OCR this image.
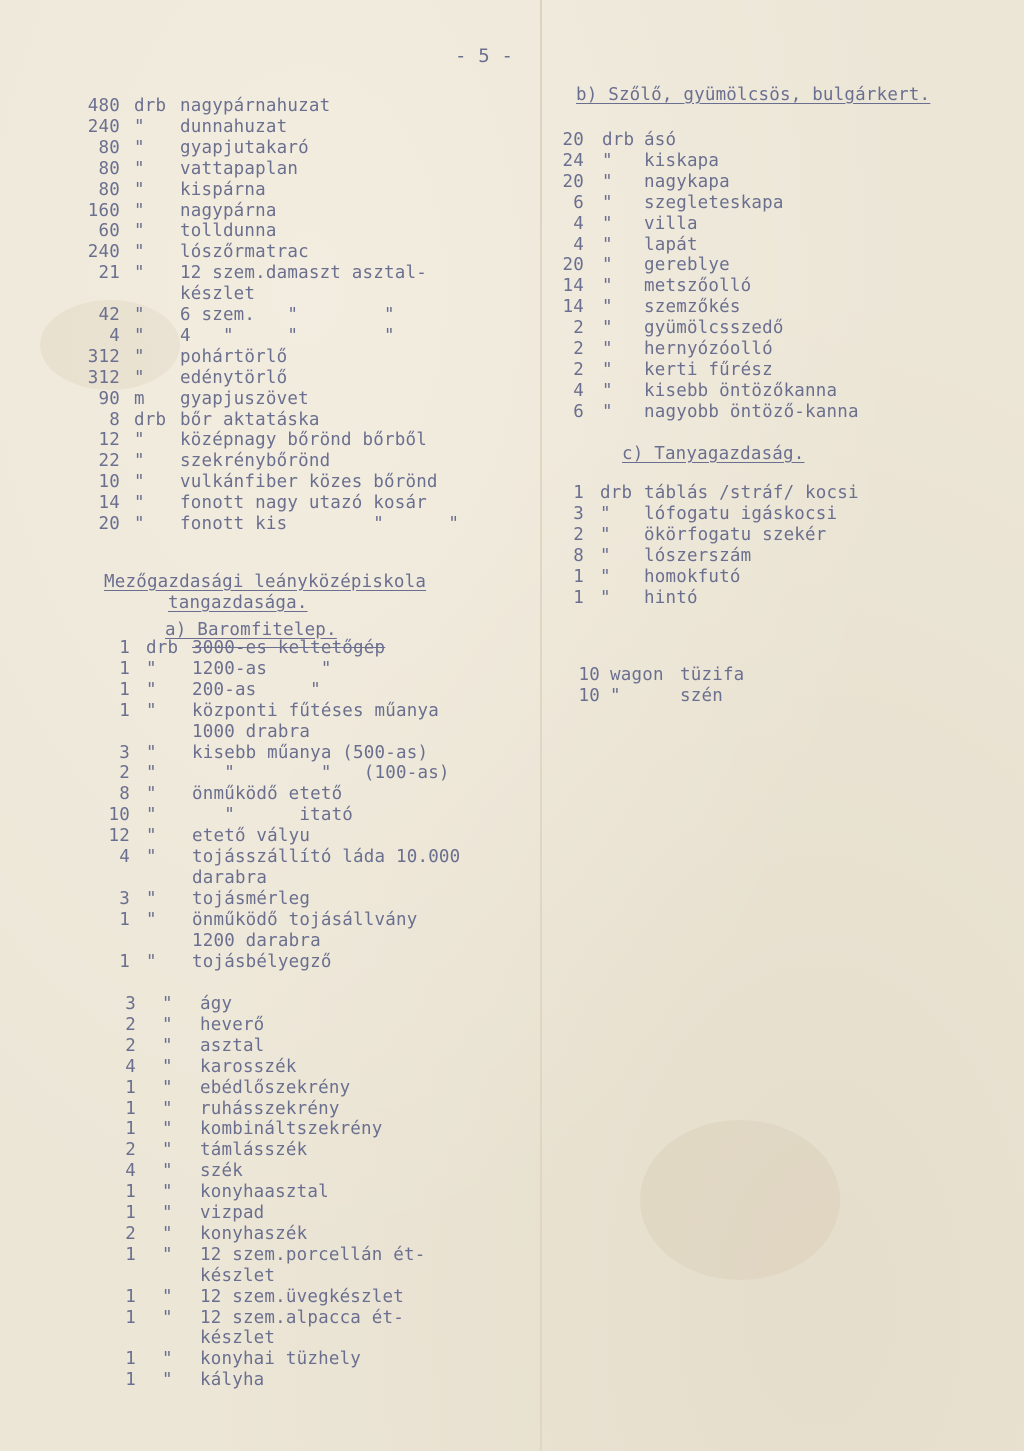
- 5 -
480 drb nagypárnahuzat
240 " dunnahuzat
80 " gyapjutakaró
80 " vattapaplan
80 " kispárna
160 " nagypárna
60 " tolldunna
240 " lószőrmatrac
21 " 12 szem.damaszt asztal-
készlet
42 " 6 szem.   "        "
4 " 4   "     "        "
312 " pohártörlő
312 " edénytörlő
90 m gyapjuszövet
8 drb bőr aktatáska
12 " középnagy bőrönd bőrből
22 " szekrénybőrönd
10 " vulkánfiber közes bőrönd
14 " fonott nagy utazó kosár
20 " fonott kis        "      "
Mezőgazdasági leányközépiskola
tangazdasága.
a) Baromfitelep.
1 drb 3000-es keltetőgép
1 " 1200-as     "
1 " 200-as     "
1 " központi fűtéses műanya
1000 drabra
3 " kisebb műanya (500-as)
2 " "        "   (100-as)
8 " önműködő etető
10 " "      itató
12 " etető vályu
4 " tojásszállító láda 10.000
darabra
3 " tojásmérleg
1 " önműködő tojásállvány
1200 darabra
1 " tojásbélyegző
3 " ágy
2 " heverő
2 " asztal
4 " karosszék
1 " ebédlőszekrény
1 " ruhásszekrény
1 " kombináltszekrény
2 " támlásszék
4 " szék
1 " konyhaasztal
1 " vizpad
2 " konyhaszék
1 " 12 szem.porcellán ét-
készlet
1 " 12 szem.üvegkészlet
1 " 12 szem.alpacca ét-
készlet
1 " konyhai tüzhely
1 " kályha
b) Szőlő, gyümölcsös, bulgárkert.
20 drb ásó
24 " kiskapa
20 " nagykapa
6 " szegleteskapa
4 " villa
4 " lapát
20 " gereblye
14 " metszőolló
14 " szemzőkés
2 " gyümölcsszedő
2 " hernyózóolló
2 " kerti fűrész
4 " kisebb öntözőkanna
6 " nagyobb öntöző-kanna
c) Tanyagazdaság.
1 drb táblás /stráf/ kocsi
3 " lófogatu igáskocsi
2 " ökörfogatu szekér
8 " lószerszám
1 " homokfutó
1 " hintó
10 wagon tüzifa
10 "	szén
